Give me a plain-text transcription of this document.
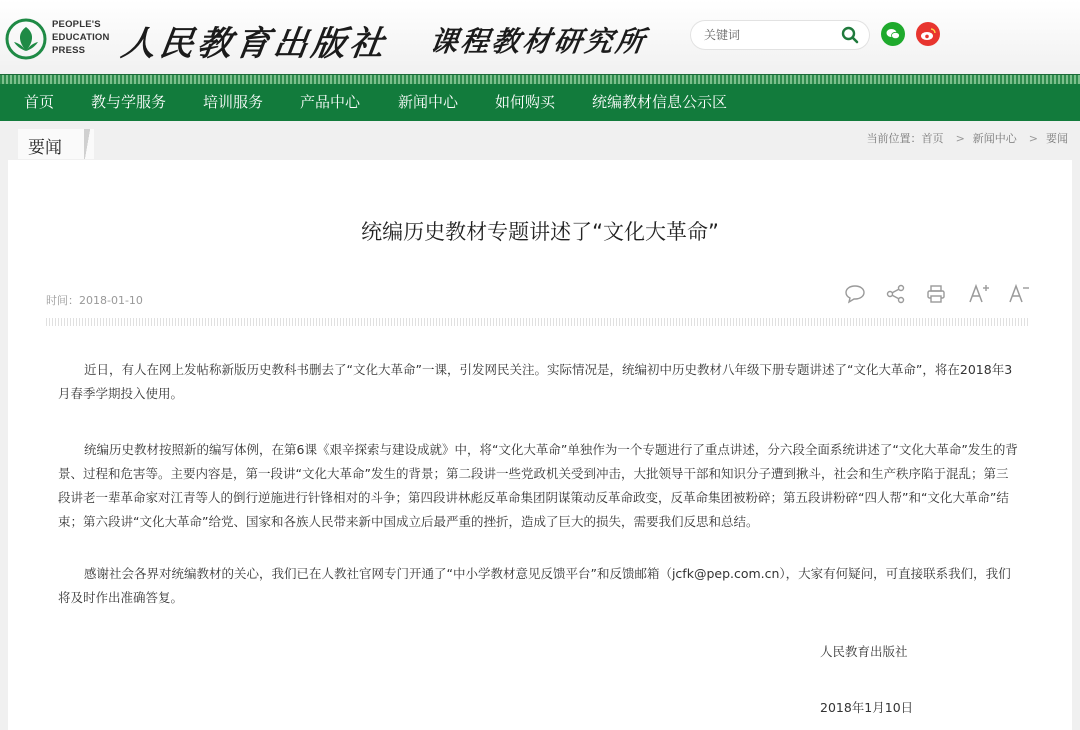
PEOPLE'S
EDUCATION
PRESS 人民教育出版社 课程教材研究所
关键词
首页 教与学服务 培训服务 产品中心	新闻中心 如何购买 统编教材信息公示区
要闻	当前位置：首页 > 新闻中心 > 要闻
统编历史教材专题讲述了“文化大革命”
时间：2018-01-10

近日，有人在网上发帖称新版历史教科书删去了“文化大革命”一课，引发网民关注。实际情况是，统编初中历史教材八年级下册专题讲述了“文化大革命”，将在2018年3月春季学期投入使用。

统编历史教材按照新的编写体例，在第6课《艰辛探索与建设成就》中，将“文化大革命”单独作为一个专题进行了重点讲述，分六段全面系统讲述了“文化大革命”发生的背景、过程和危害等。主要内容是，第一段讲“文化大革命”发生的背景；第二段讲一些党政机关受到冲击，大批领导干部和知识分子遭到揪斗，社会和生产秩序陷于混乱；第三段讲老一辈革命家对江青等人的倒行逆施进行针锋相对的斗争；第四段讲林彪反革命集团阴谋策动反革命政变，反革命集团被粉碎；第五段讲粉碎“四人帮”和“文化大革命”结束；第六段讲“文化大革命”给党、国家和各族人民带来新中国成立后最严重的挫折，造成了巨大的损失，需要我们反思和总结。

感谢社会各界对统编教材的关心，我们已在人教社官网专门开通了“中小学教材意见反馈平台”和反馈邮箱（jcfk@pep.com.cn），大家有何疑问，可直接联系我们，我们将及时作出准确答复。

人民教育出版社
2018年1月10日
